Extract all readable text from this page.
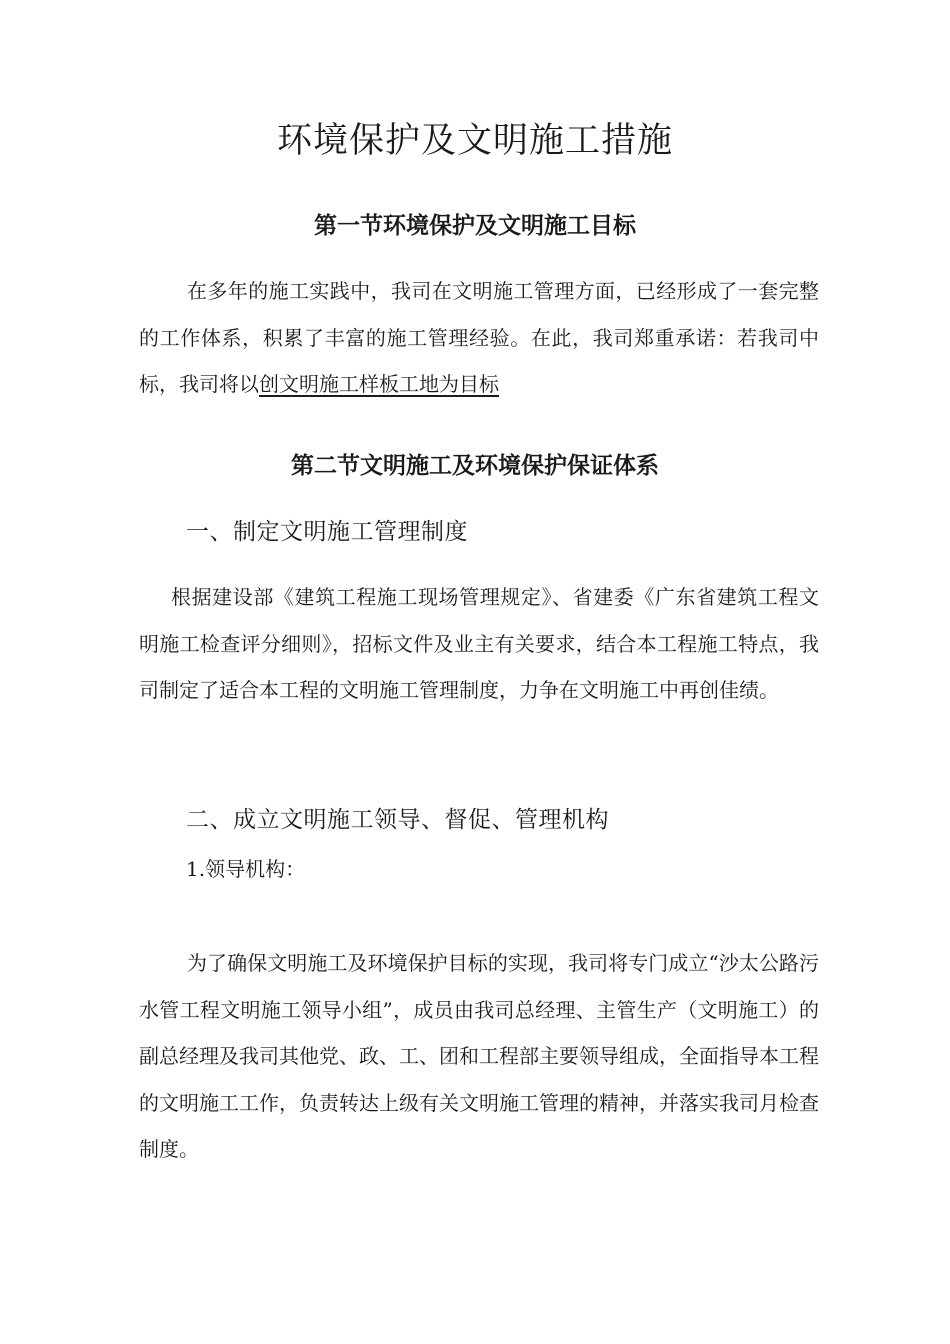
环境保护及文明施工措施
第一节环境保护及文明施工目标

在多年的施工实践中，我司在文明施工管理方面，已经形成了一套完整的工作体系，积累了丰富的施工管理经验。在此，我司郑重承诺：若我司中标，我司将以创文明施工样板工地为目标

第二节文明施工及环境保护保证体系
一、制定文明施工管理制度

根据建设部《建筑工程施工现场管理规定》、省建委《广东省建筑工程文明施工检查评分细则》，招标文件及业主有关要求，结合本工程施工特点，我司制定了适合本工程的文明施工管理制度，力争在文明施工中再创佳绩。

二、成立文明施工领导、督促、管理机构

1.领导机构：

为了确保文明施工及环境保护目标的实现，我司将专门成立“沙太公路污水管工程文明施工领导小组”，成员由我司总经理、主管生产（文明施工）的副总经理及我司其他党、政、工、团和工程部主要领导组成，全面指导本工程的文明施工工作，负责转达上级有关文明施工管理的精神，并落实我司月检查制度。
